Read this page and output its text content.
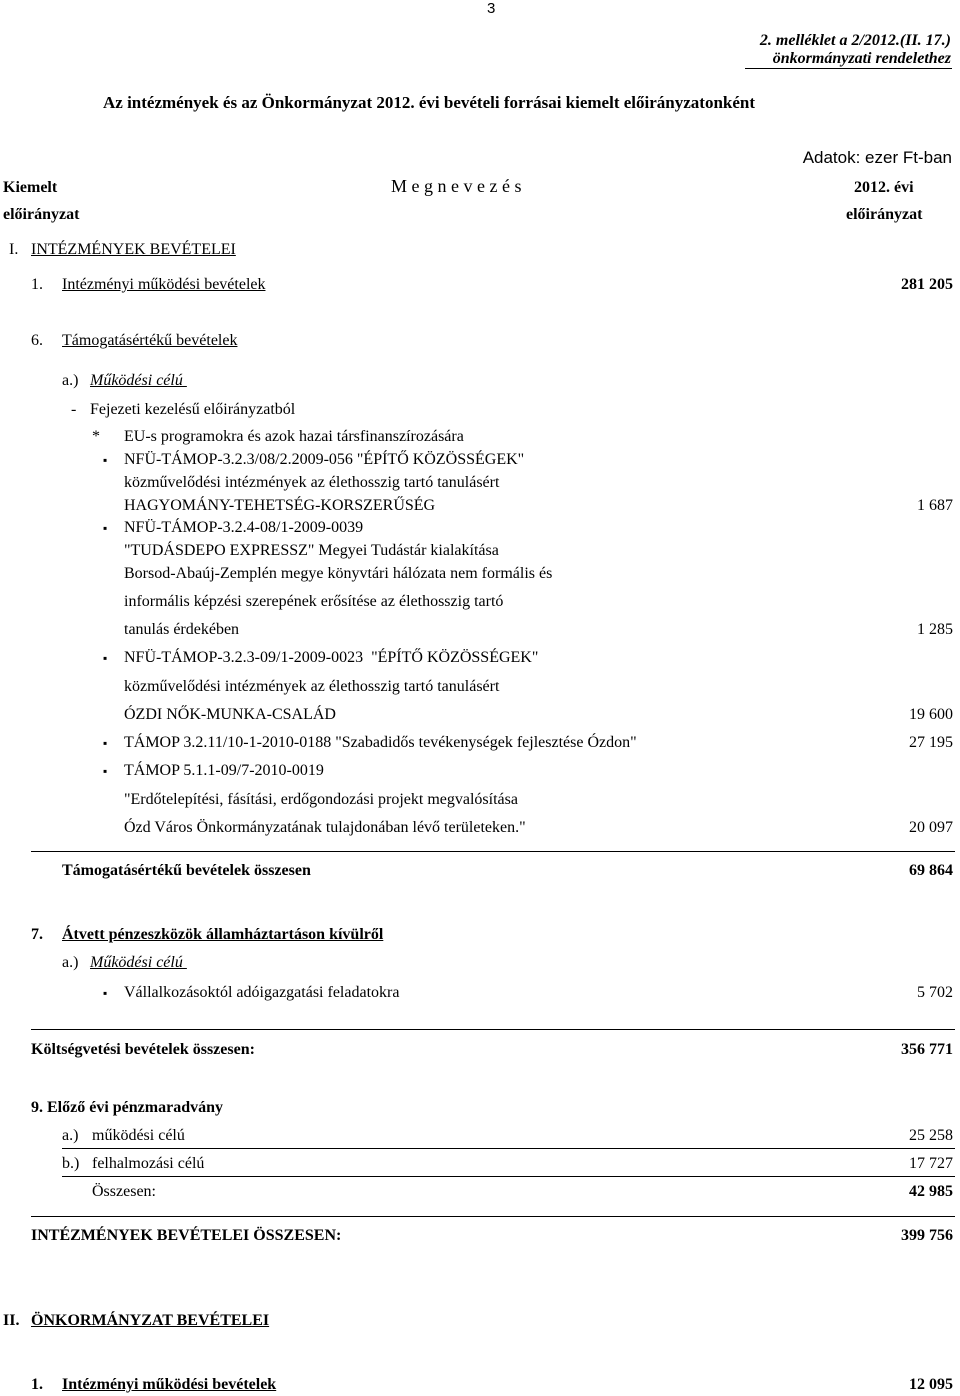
3
2. melléklet a 2/2012.(II. 17.)
önkormányzati rendelethez
Az intézmények és az Önkormányzat 2012. évi bevételi forrásai kiemelt előirányzatonként
Adatok: ezer Ft-ban
Kiemelt	M e g n e v e z é s	2012. évi
előirányzat	előirányzat
I. INTÉZMÉNYEK BEVÉTELEI
1. Intézményi működési bevételek	281 205
6. Támogatásértékű bevételek
a.) Működési célú
- Fejezeti kezelésű előirányzatból
* EU-s programokra és azok hazai társfinanszírozására
▪ NFÜ-TÁMOP-3.2.3/08/2.2009-056 "ÉPÍTŐ KÖZÖSSÉGEK"
közművelődési intézmények az élethosszig tartó tanulásért
HAGYOMÁNY-TEHETSÉG-KORSZERŰSÉG	1 687
▪ NFÜ-TÁMOP-3.2.4-08/1-2009-0039
"TUDÁSDEPO EXPRESSZ" Megyei Tudástár kialakítása
Borsod-Abaúj-Zemplén megye könyvtári hálózata nem formális és
informális képzési szerepének erősítése az élethosszig tartó
tanulás érdekében	1 285
▪ NFÜ-TÁMOP-3.2.3-09/1-2009-0023  "ÉPÍTŐ KÖZÖSSÉGEK"
közművelődési intézmények az élethosszig tartó tanulásért
ÓZDI NŐK-MUNKA-CSALÁD	19 600
▪ TÁMOP 3.2.11/10-1-2010-0188 "Szabadidős tevékenységek fejlesztése Ózdon"	27 195
▪ TÁMOP 5.1.1-09/7-2010-0019
"Erdőtelepítési, fásítási, erdőgondozási projekt megvalósítása
Ózd Város Önkormányzatának tulajdonában lévő területeken."	20 097
Támogatásértékű bevételek összesen	69 864
7. Átvett pénzeszközök államháztartáson kívülről
a.) Működési célú
▪ Vállalkozásoktól adóigazgatási feladatokra	5 702
Költségvetési bevételek összesen:	356 771
9. Előző évi pénzmaradvány
a.) működési célú	25 258
b.) felhalmozási célú	17 727
Összesen:	42 985
INTÉZMÉNYEK BEVÉTELEI ÖSSZESEN:	399 756
II. ÖNKORMÁNYZAT BEVÉTELEI
1. Intézményi működési bevételek	12 095
